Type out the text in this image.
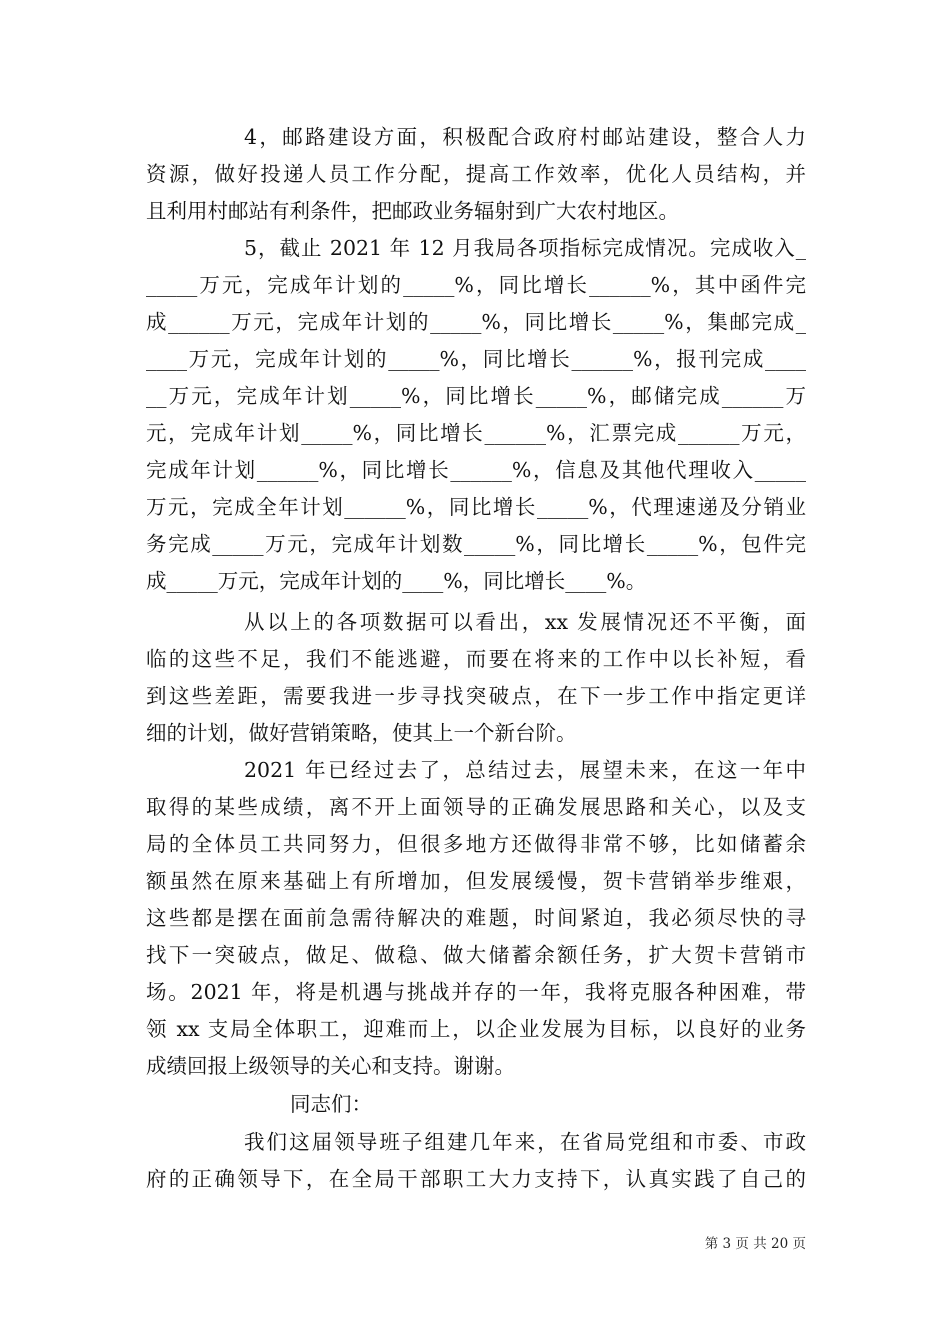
4，邮路建设方面，积极配合政府村邮站建设，整合人力
资源，做好投递人员工作分配，提高工作效率，优化人员结构，并
且利用村邮站有利条件，把邮政业务辐射到广大农村地区。
5，截止 2021 年 12 月我局各项指标完成情况。完成收入_
_____万元，完成年计划的_____%，同比增长______%，其中函件完
成______万元，完成年计划的_____%，同比增长_____%，集邮完成_
____万元，完成年计划的_____%，同比增长______%，报刊完成____
__万元，完成年计划_____%，同比增长_____%，邮储完成______万
元，完成年计划_____%，同比增长______%，汇票完成______万元，
完成年计划______%，同比增长______%，信息及其他代理收入_____
万元，完成全年计划______%，同比增长_____%，代理速递及分销业
务完成_____万元，完成年计划数_____%，同比增长_____%，包件完
成_____万元，完成年计划的____%，同比增长____%。
从以上的各项数据可以看出，xx 发展情况还不平衡，面
临的这些不足，我们不能逃避，而要在将来的工作中以长补短，看
到这些差距，需要我进一步寻找突破点，在下一步工作中指定更详
细的计划，做好营销策略，使其上一个新台阶。
2021 年已经过去了，总结过去，展望未来，在这一年中
取得的某些成绩，离不开上面领导的正确发展思路和关心，以及支
局的全体员工共同努力，但很多地方还做得非常不够，比如储蓄余
额虽然在原来基础上有所增加，但发展缓慢，贺卡营销举步维艰，
这些都是摆在面前急需待解决的难题，时间紧迫，我必须尽快的寻
找下一突破点，做足、做稳、做大储蓄余额任务，扩大贺卡营销市
场。2021 年，将是机遇与挑战并存的一年，我将克服各种困难，带
领 xx 支局全体职工，迎难而上，以企业发展为目标，以良好的业务
成绩回报上级领导的关心和支持。谢谢。
同志们：
我们这届领导班子组建几年来，在省局党组和市委、市政
府的正确领导下，在全局干部职工大力支持下，认真实践了自己的
第 3 页 共 20 页
